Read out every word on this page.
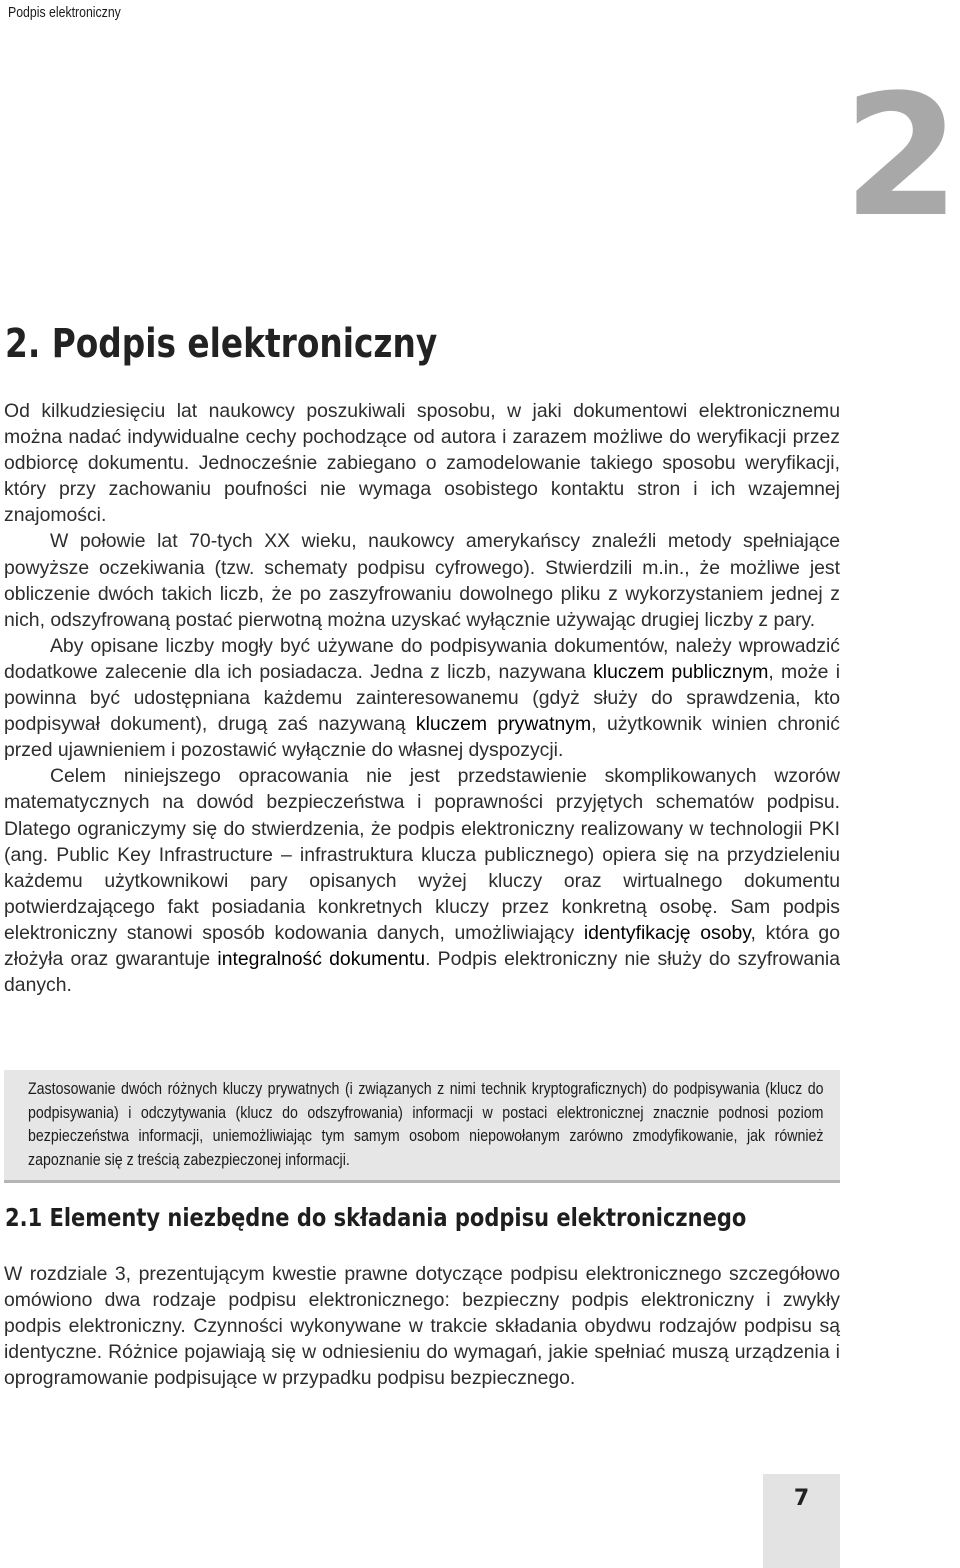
Podpis elektroniczny
2
2. Podpis elektroniczny

Od kilkudziesięciu lat naukowcy poszukiwali sposobu, w jaki dokumentowi elektronicznemu można nadać indywidualne cechy pochodzące od autora i zarazem możliwe do weryfikacji przez odbiorcę dokumentu. Jednocześnie zabiegano o zamodelowanie takiego sposobu weryfikacji, który przy zachowaniu poufności nie wymaga osobistego kontaktu stron i ich wzajemnej znajomości.

W połowie lat 70-tych XX wieku, naukowcy amerykańscy znaleźli metody spełniające powyższe oczekiwania (tzw. schematy podpisu cyfrowego). Stwierdzili m.in., że możliwe jest obliczenie dwóch takich liczb, że po zaszyfrowaniu dowolnego pliku z wykorzystaniem jednej z nich, odszyfrowaną postać pierwotną można uzyskać wyłącznie używając drugiej liczby z pary.

Aby opisane liczby mogły być używane do podpisywania dokumentów, należy wprowadzić dodatkowe zalecenie dla ich posiadacza. Jedna z liczb, nazywana kluczem publicznym, może i powinna być udostępniana każdemu zainteresowanemu (gdyż służy do sprawdzenia, kto podpisywał dokument), drugą zaś nazywaną kluczem prywatnym, użytkownik winien chronić przed ujawnieniem i pozostawić wyłącznie do własnej dyspozycji.

Celem niniejszego opracowania nie jest przedstawienie skomplikowanych wzorów matematycznych na dowód bezpieczeństwa i poprawności przyjętych schematów podpisu. Dlatego ograniczymy się do stwierdzenia, że podpis elektroniczny realizowany w technologii PKI (ang. Public Key Infrastructure – infrastruktura klucza publicznego) opiera się na przydzieleniu każdemu użytkownikowi pary opisanych wyżej kluczy oraz wirtualnego dokumentu potwierdzającego fakt posiadania konkretnych kluczy przez konkretną osobę. Sam podpis elektroniczny stanowi sposób kodowania danych, umożliwiający identyfikację osoby, która go złożyła oraz gwarantuje integralność dokumentu. Podpis elektroniczny nie służy do szyfrowania danych.

Zastosowanie dwóch różnych kluczy prywatnych (i związanych z nimi technik kryptograficznych) do podpisywania (klucz do podpisywania) i odczytywania (klucz do odszyfrowania) informacji w postaci elektronicznej znacznie podnosi poziom bezpieczeństwa informacji, uniemożliwiając tym samym osobom niepowołanym zarówno zmodyfikowanie, jak również zapoznanie się z treścią zabezpieczonej informacji.

2.1 Elementy niezbędne do składania podpisu elektronicznego

W rozdziale 3, prezentującym kwestie prawne dotyczące podpisu elektronicznego szczegółowo omówiono dwa rodzaje podpisu elektronicznego: bezpieczny podpis elektroniczny i zwykły podpis elektroniczny. Czynności wykonywane w trakcie składania obydwu rodzajów podpisu są identyczne. Różnice pojawiają się w odniesieniu do wymagań, jakie spełniać muszą urządzenia i oprogramowanie podpisujące w przypadku podpisu bezpiecznego.

7
